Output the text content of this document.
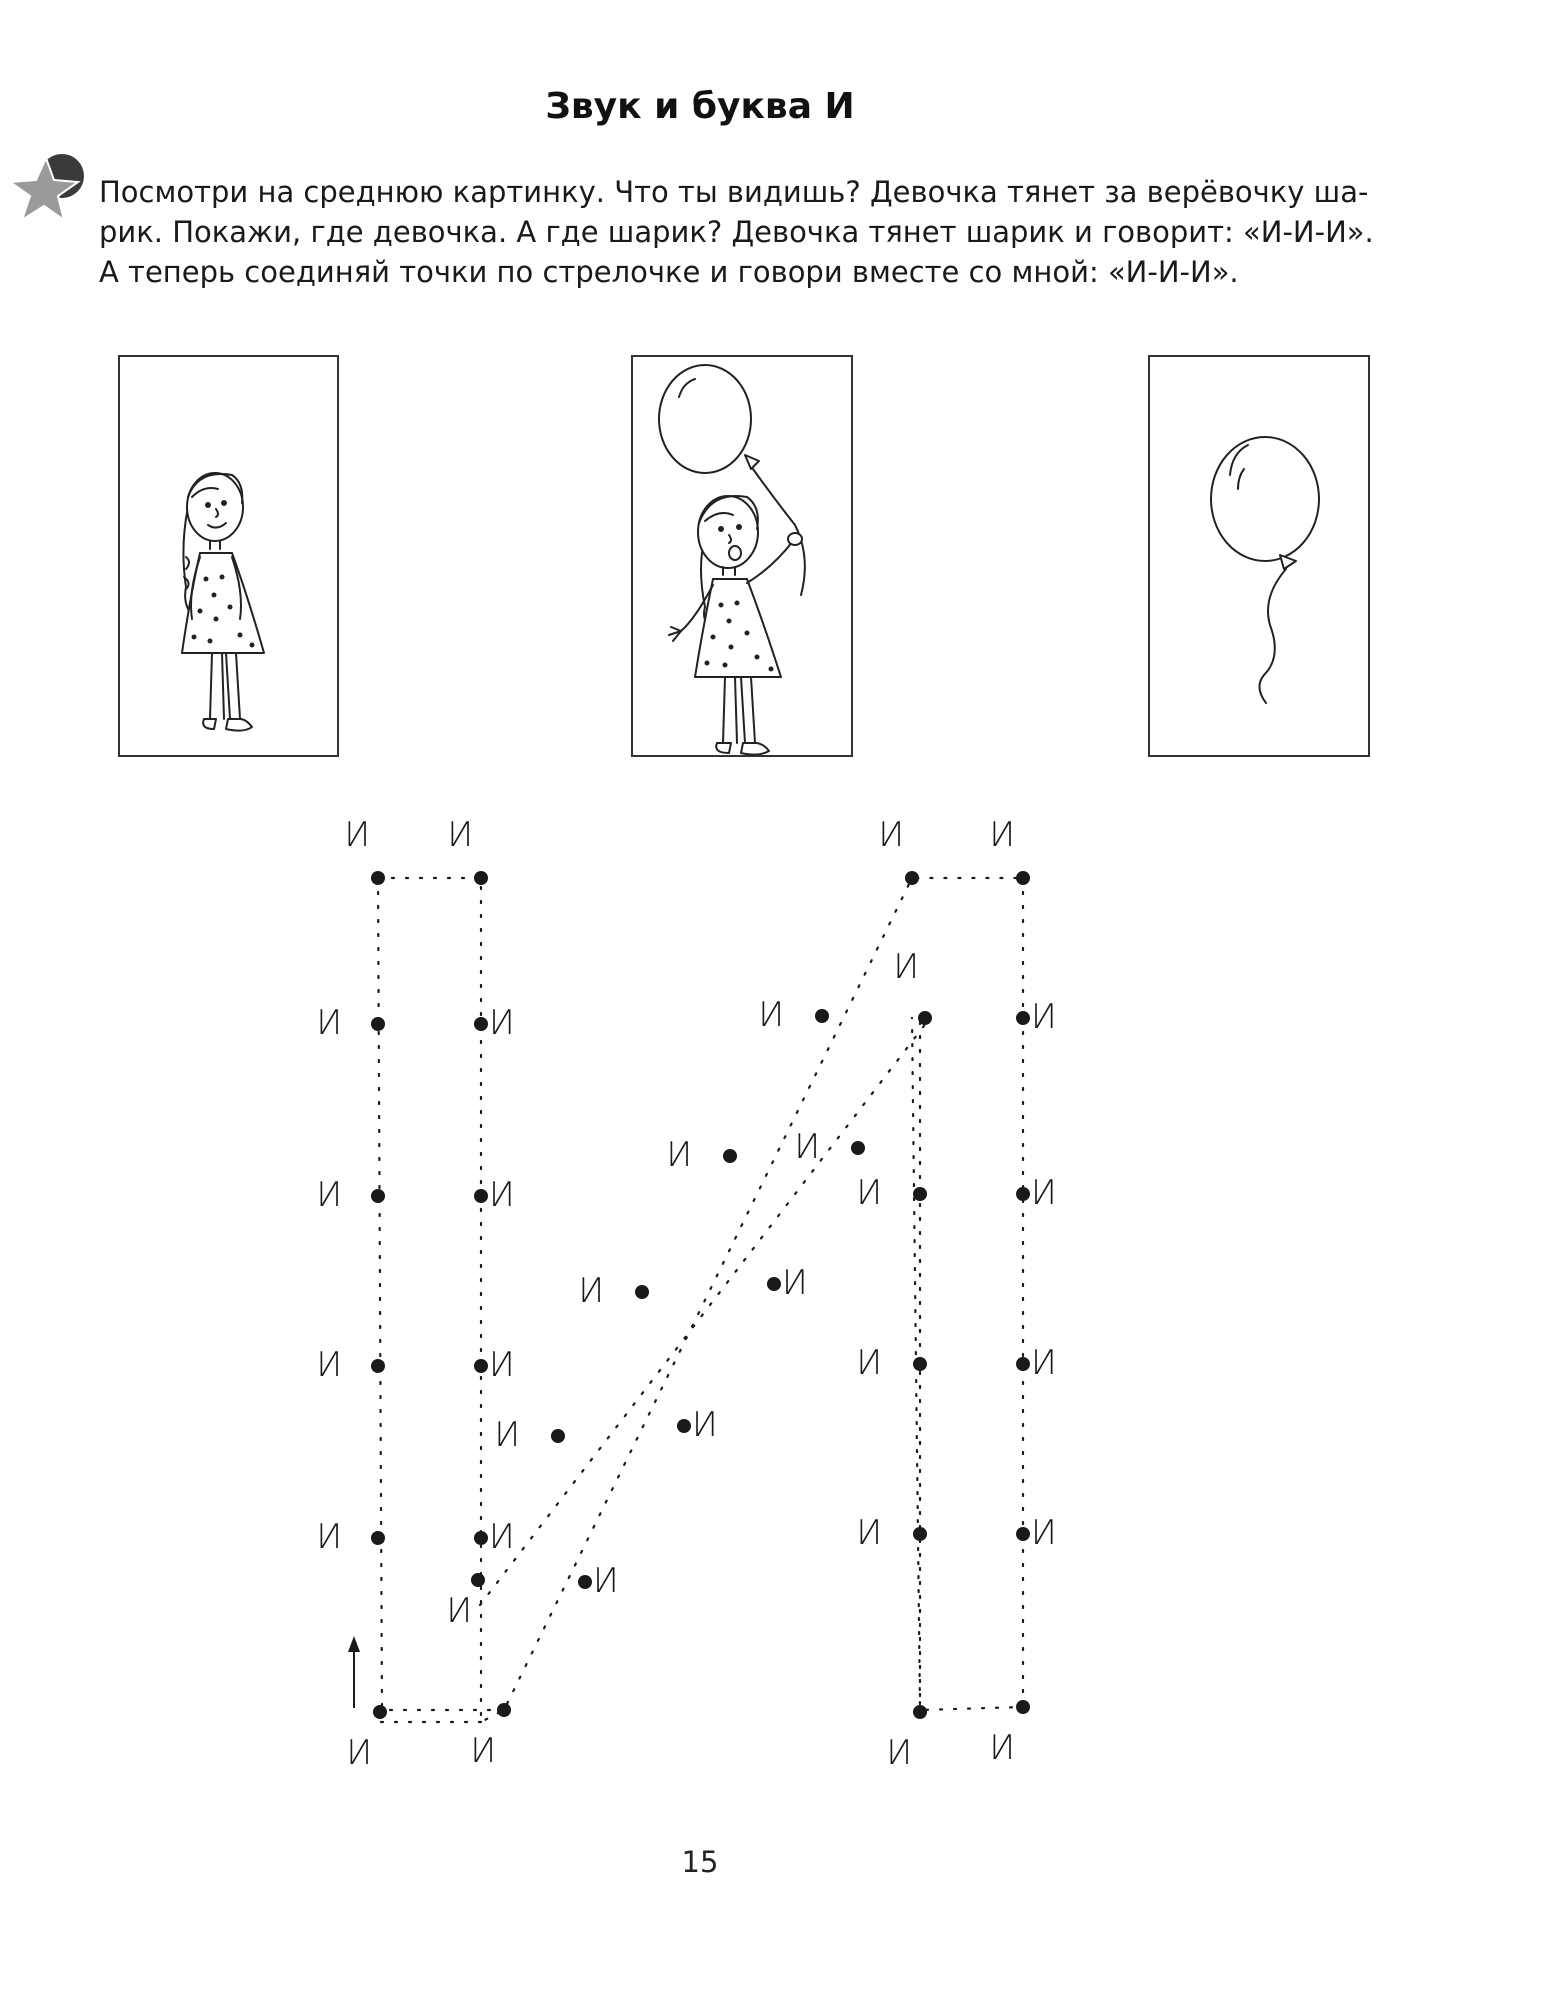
Звук и буква И

Посмотри на среднюю картинку. Что ты видишь? Девочка тянет за верёвочку ша-

рик. Покажи, где девочка. А где шарик? Девочка тянет шарик и говорит: «И-И-И».

А теперь соединяй точки по стрелочке и говори вместе со мной: «И-И-И».

И И	И	И
И	И
И	И
И	И
И	И
И	И	И И
И
И
И
И	И
И	И
И	И
И	И
И	И
И	И
И
И
15
